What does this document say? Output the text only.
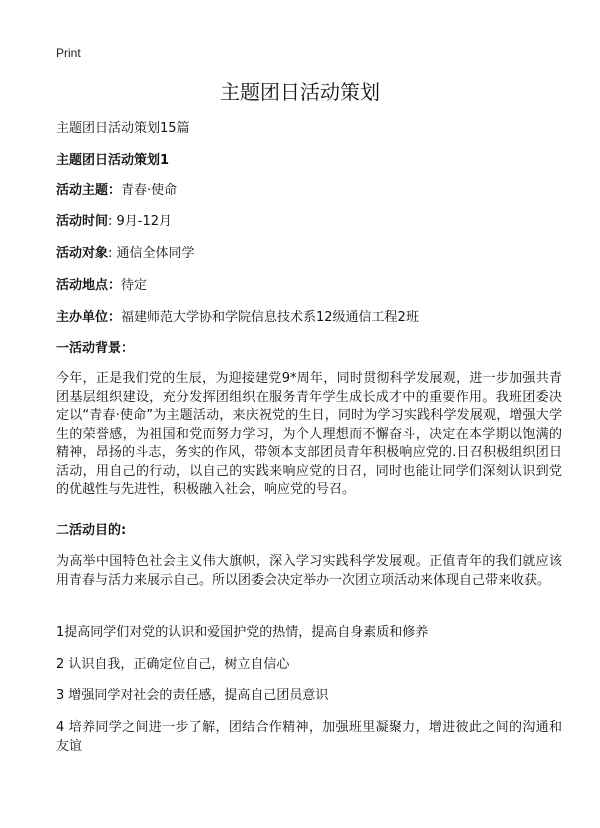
Print
主题团日活动策划
主题团日活动策划15篇
主题团日活动策划1
活动主题：青春·使命
活动时间: 9月-12月
活动对象: 通信全体同学
活动地点：待定
主办单位：福建师范大学协和学院信息技术系12级通信工程2班
一活动背景：
今年，正是我们党的生辰，为迎接建党9*周年，同时贯彻科学发展观，进一步加强共青团基层组织建设，充分发挥团组织在服务青年学生成长成才中的重要作用。我班团委决定以“青春·使命”为主题活动，来庆祝党的生日，同时为学习实践科学发展观，增强大学生的荣誉感，为祖国和党而努力学习，为个人理想而不懈奋斗，决定在本学期以饱满的精神，昂扬的斗志，务实的作风，带领本支部团员青年积极响应党的.日召积极组织团日活动，用自己的行动，以自己的实践来响应党的日召，同时也能让同学们深刻认识到党的优越性与先进性，积极融入社会，响应党的号召。
二活动目的:
为高举中国特色社会主义伟大旗帜，深入学习实践科学发展观。正值青年的我们就应该用青春与活力来展示自己。所以团委会决定举办一次团立项活动来体现自己带来收获。
1提高同学们对党的认识和爱国护党的热情，提高自身素质和修养
2 认识自我，正确定位自己，树立自信心
3 增强同学对社会的责任感，提高自己团员意识
4 培养同学之间进一步了解，团结合作精神，加强班里凝聚力，增进彼此之间的沟通和友谊
